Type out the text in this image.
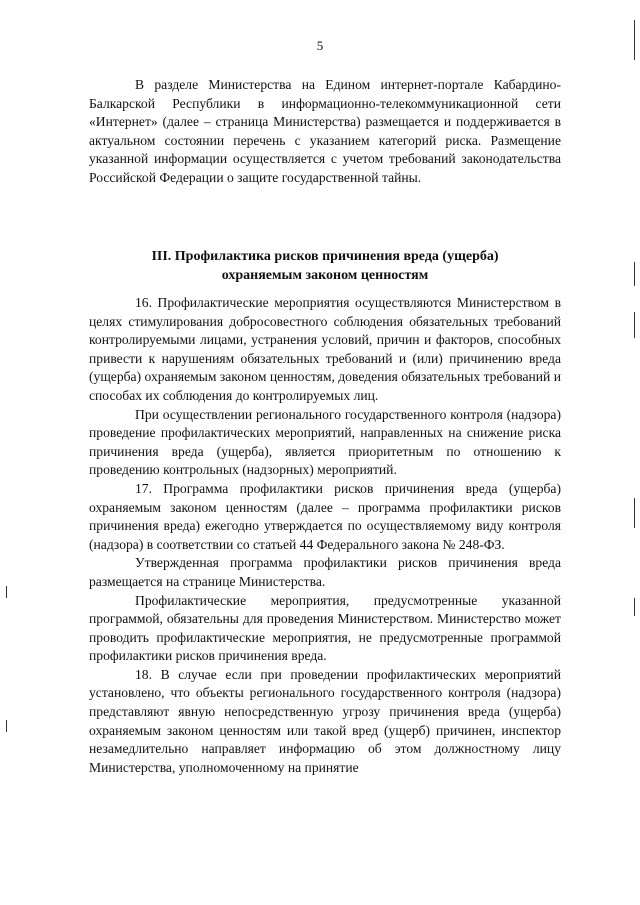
5

В разделе Министерства на Едином интернет-портале Кабардино-Балкарской Республики в информационно-телекоммуникационной сети «Интернет» (далее – страница Министерства) размещается и поддерживается в актуальном состоянии перечень с указанием категорий риска. Размещение указанной информации осуществляется с учетом требований законодательства Российской Федерации о защите государственной тайны.

III. Профилактика рисков причинения вреда (ущерба)
охраняемым законом ценностям

16. Профилактические мероприятия осуществляются Министерством в целях стимулирования добросовестного соблюдения обязательных требований контролируемыми лицами, устранения условий, причин и факторов, способных привести к нарушениям обязательных требований и (или) причинению вреда (ущерба) охраняемым законом ценностям, доведения обязательных требований и способах их соблюдения до контролируемых лиц.

При осуществлении регионального государственного контроля (надзора) проведение профилактических мероприятий, направленных на снижение риска причинения вреда (ущерба), является приоритетным по отношению к проведению контрольных (надзорных) мероприятий.

17. Программа профилактики рисков причинения вреда (ущерба) охраняемым законом ценностям (далее – программа профилактики рисков причинения вреда) ежегодно утверждается по осуществляемому виду контроля (надзора) в соответствии со статьей 44 Федерального закона № 248-ФЗ.

Утвержденная программа профилактики рисков причинения вреда размещается на странице Министерства.

Профилактические мероприятия, предусмотренные указанной программой, обязательны для проведения Министерством. Министерство может проводить профилактические мероприятия, не предусмотренные программой профилактики рисков причинения вреда.

18. В случае если при проведении профилактических мероприятий установлено, что объекты регионального государственного контроля (надзора) представляют явную непосредственную угрозу причинения вреда (ущерба) охраняемым законом ценностям или такой вред (ущерб) причинен, инспектор незамедлительно направляет информацию об этом должностному лицу Министерства, уполномоченному на принятие
